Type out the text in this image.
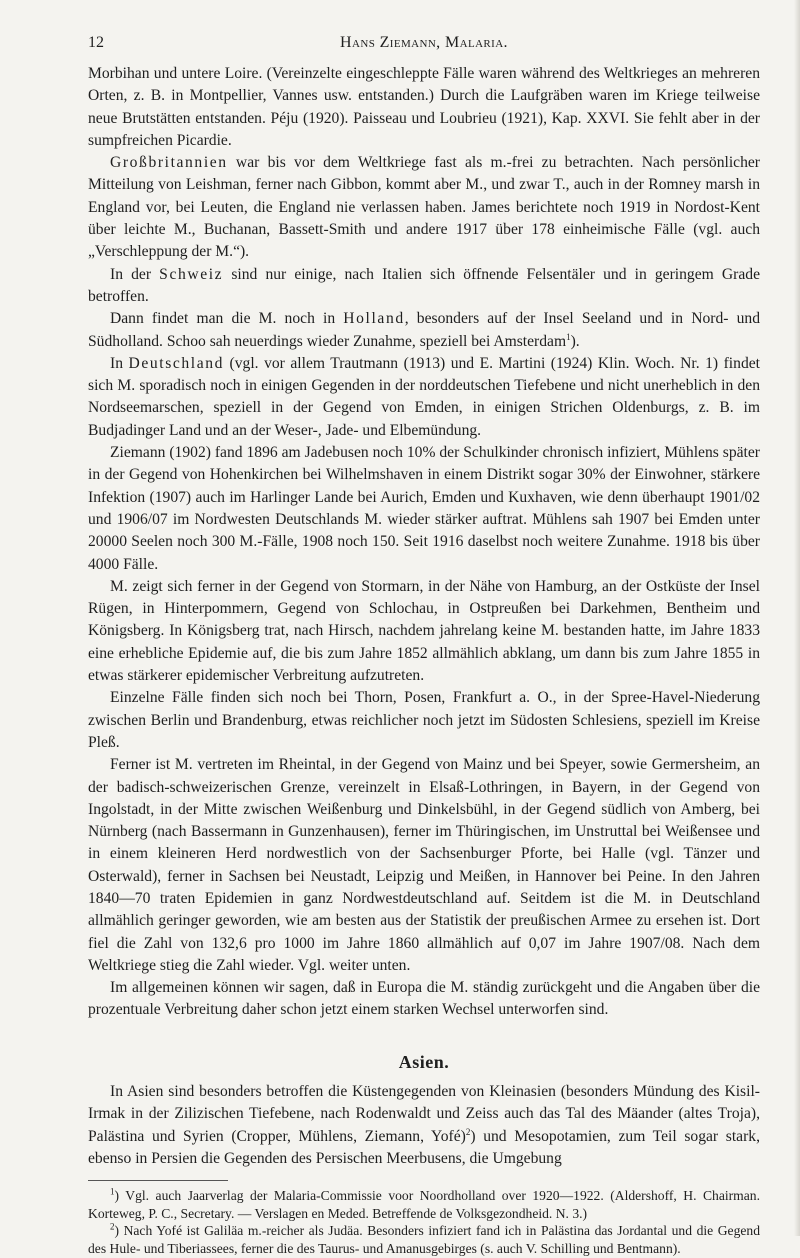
12	Hans Ziemann, Malaria.

Morbihan und untere Loire. (Vereinzelte eingeschleppte Fälle waren während des Weltkrieges an mehreren Orten, z. B. in Montpellier, Vannes usw. entstanden.) Durch die Laufgräben waren im Kriege teilweise neue Brutstätten entstanden. Péju (1920). Paisseau und Loubrieu (1921), Kap. XXVI. Sie fehlt aber in der sumpfreichen Picardie.

Großbritannien war bis vor dem Weltkriege fast als m.-frei zu betrachten. Nach persönlicher Mitteilung von Leishman, ferner nach Gibbon, kommt aber M., und zwar T., auch in der Romney marsh in England vor, bei Leuten, die England nie verlassen haben. James berichtete noch 1919 in Nordost-Kent über leichte M., Buchanan, Bassett-Smith und andere 1917 über 178 einheimische Fälle (vgl. auch „Verschleppung der M.“).

In der Schweiz sind nur einige, nach Italien sich öffnende Felsentäler und in geringem Grade betroffen.

Dann findet man die M. noch in Holland, besonders auf der Insel Seeland und in Nord- und Südholland. Schoo sah neuerdings wieder Zunahme, speziell bei Amsterdam$^1$).

In Deutschland (vgl. vor allem Trautmann (1913) und E. Martini (1924) Klin. Woch. Nr. 1) findet sich M. sporadisch noch in einigen Gegenden in der norddeutschen Tiefebene und nicht unerheblich in den Nordseemarschen, speziell in der Gegend von Emden, in einigen Strichen Oldenburgs, z. B. im Budjadinger Land und an der Weser-, Jade- und Elbemündung.

Ziemann (1902) fand 1896 am Jadebusen noch 10% der Schulkinder chronisch infiziert, Mühlens später in der Gegend von Hohenkirchen bei Wilhelmshaven in einem Distrikt sogar 30% der Einwohner, stärkere Infektion (1907) auch im Harlinger Lande bei Aurich, Emden und Kuxhaven, wie denn überhaupt 1901/02 und 1906/07 im Nordwesten Deutschlands M. wieder stärker auftrat. Mühlens sah 1907 bei Emden unter 20000 Seelen noch 300 M.-Fälle, 1908 noch 150. Seit 1916 daselbst noch weitere Zunahme. 1918 bis über 4000 Fälle.

M. zeigt sich ferner in der Gegend von Stormarn, in der Nähe von Hamburg, an der Ostküste der Insel Rügen, in Hinterpommern, Gegend von Schlochau, in Ostpreußen bei Darkehmen, Bentheim und Königsberg. In Königsberg trat, nach Hirsch, nachdem jahrelang keine M. bestanden hatte, im Jahre 1833 eine erhebliche Epidemie auf, die bis zum Jahre 1852 allmählich abklang, um dann bis zum Jahre 1855 in etwas stärkerer epidemischer Verbreitung aufzutreten.

Einzelne Fälle finden sich noch bei Thorn, Posen, Frankfurt a. O., in der Spree-Havel-Niederung zwischen Berlin und Brandenburg, etwas reichlicher noch jetzt im Südosten Schlesiens, speziell im Kreise Pleß.

Ferner ist M. vertreten im Rheintal, in der Gegend von Mainz und bei Speyer, sowie Germersheim, an der badisch-schweizerischen Grenze, vereinzelt in Elsaß-Lothringen, in Bayern, in der Gegend von Ingolstadt, in der Mitte zwischen Weißenburg und Dinkelsbühl, in der Gegend südlich von Amberg, bei Nürnberg (nach Bassermann in Gunzenhausen), ferner im Thüringischen, im Unstruttal bei Weißensee und in einem kleineren Herd nordwestlich von der Sachsenburger Pforte, bei Halle (vgl. Tänzer und Osterwald), ferner in Sachsen bei Neustadt, Leipzig und Meißen, in Hannover bei Peine. In den Jahren 1840—70 traten Epidemien in ganz Nordwestdeutschland auf. Seitdem ist die M. in Deutschland allmählich geringer geworden, wie am besten aus der Statistik der preußischen Armee zu ersehen ist. Dort fiel die Zahl von 132,6 pro 1000 im Jahre 1860 allmählich auf 0,07 im Jahre 1907/08. Nach dem Weltkriege stieg die Zahl wieder. Vgl. weiter unten.

Im allgemeinen können wir sagen, daß in Europa die M. ständig zurückgeht und die Angaben über die prozentuale Verbreitung daher schon jetzt einem starken Wechsel unterworfen sind.

Asien.

In Asien sind besonders betroffen die Küstengegenden von Kleinasien (besonders Mündung des Kisil-Irmak in der Zilizischen Tiefebene, nach Rodenwaldt und Zeiss auch das Tal des Mäander (altes Troja), Palästina und Syrien (Cropper, Mühlens, Ziemann, Yofé)$^2$) und Mesopotamien, zum Teil sogar stark, ebenso in Persien die Gegenden des Persischen Meerbusens, die Umgebung

$^1$) Vgl. auch Jaarverlag der Malaria-Commissie voor Noordholland over 1920—1922. (Aldershoff, H. Chairman. Korteweg, P. C., Secretary. — Verslagen en Meded. Betreffende de Volksgezondheid. N. 3.)

$^2$) Nach Yofé ist Galiläa m.-reicher als Judäa. Besonders infiziert fand ich in Palästina das Jordantal und die Gegend des Hule- und Tiberiassees, ferner die des Taurus- und Amanusgebirges (s. auch V. Schilling und Bentmann).
